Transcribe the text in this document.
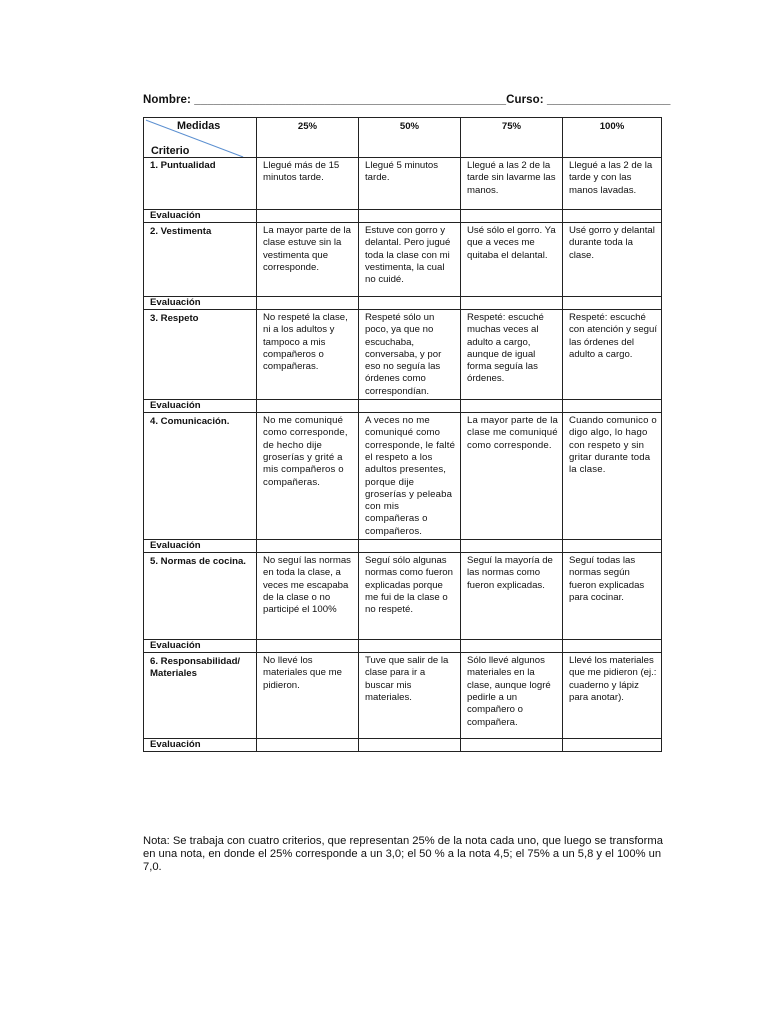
Nombre: ________________________________________________Curso: ___________________
Medidas
Criterio	25%	50%	75%	100%
1. Puntualidad	Llegué más de 15 minutos tarde.	Llegué 5 minutos tarde.	Llegué a las 2 de la tarde sin lavarme las manos.	Llegué a las 2 de la tarde y con las manos lavadas.
Evaluación				
2. Vestimenta	La mayor parte de la clase estuve sin la vestimenta que corresponde.	Estuve con gorro y delantal. Pero jugué toda la clase con mi vestimenta, la cual no cuidé.	Usé sólo el gorro. Ya que a veces me quitaba el delantal.	Usé gorro y delantal durante toda la clase.
Evaluación				
3. Respeto	No respeté la clase, ni a los adultos y tampoco a mis compañeros o compañeras.	Respeté sólo un poco, ya que no escuchaba, conversaba, y por eso no seguía las órdenes como correspondían.	Respeté: escuché muchas veces al adulto a cargo, aunque de igual forma seguía las órdenes.	Respeté: escuché con atención y seguí las órdenes del adulto a cargo.
Evaluación				
4. Comunicación.	No me comuniqué como corresponde, de hecho dije groserías y grité a mis compañeros o compañeras.	A veces no me comuniqué como corresponde, le falté el respeto a los adultos presentes, porque dije groserías y peleaba con mis compañeras o compañeros.	La mayor parte de la clase me comuniqué como corresponde.	Cuando comunico o digo algo, lo hago con respeto y sin gritar durante toda la clase.
Evaluación				
5. Normas de cocina.	No seguí las normas en toda la clase, a veces me escapaba de la clase o no participé el 100%	Seguí sólo algunas normas como fueron explicadas porque me fui de la clase o no respeté.	Seguí la mayoría de las normas como fueron explicadas.	Seguí todas las normas según fueron explicadas para cocinar.
Evaluación				
6. Responsabilidad/ Materiales	No llevé los materiales que me pidieron.	Tuve que salir de la clase para ir a buscar mis materiales.	Sólo llevé algunos materiales en la clase, aunque logré pedirle a un compañero o compañera.	Llevé los materiales que me pidieron (ej.: cuaderno y lápiz para anotar).
Evaluación				
Nota: Se trabaja con cuatro criterios, que representan 25% de la nota cada uno, que luego se transforma en una nota, en donde el 25% corresponde a un 3,0; el 50 % a la nota 4,5; el 75% a un 5,8 y el 100% un 7,0.
